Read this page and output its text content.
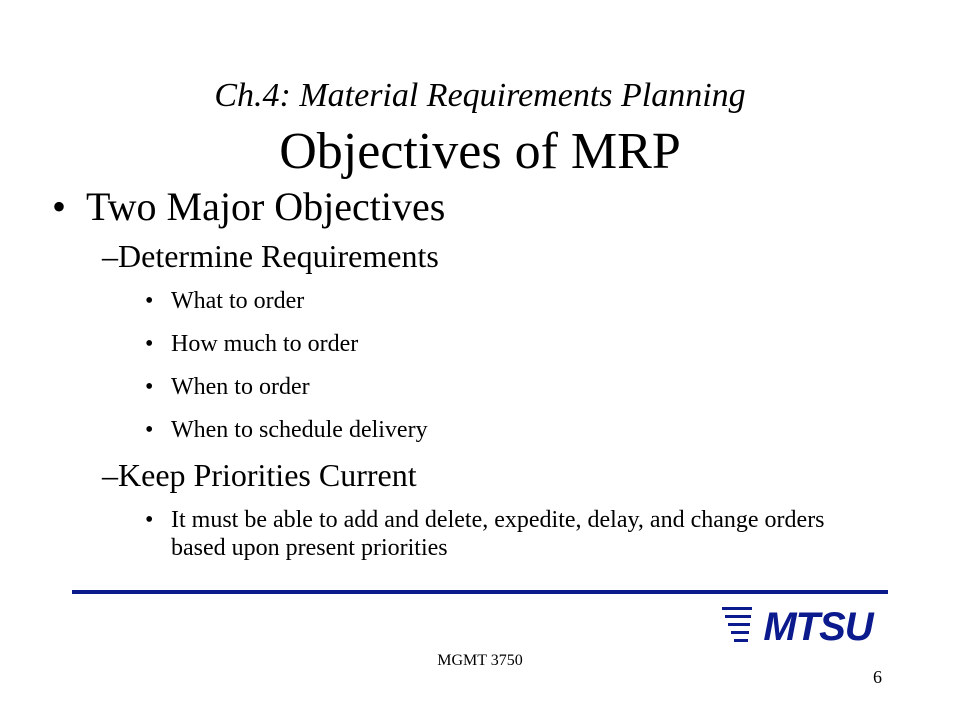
Ch.4: Material Requirements Planning
Objectives of MRP
• Two Major Objectives
–Determine Requirements
• What to order
• How much to order
• When to order
• When to schedule delivery
–Keep Priorities Current
• It must be able to add and delete, expedite, delay, and change orders based upon present priorities
MTSU
MGMT 3750
6
